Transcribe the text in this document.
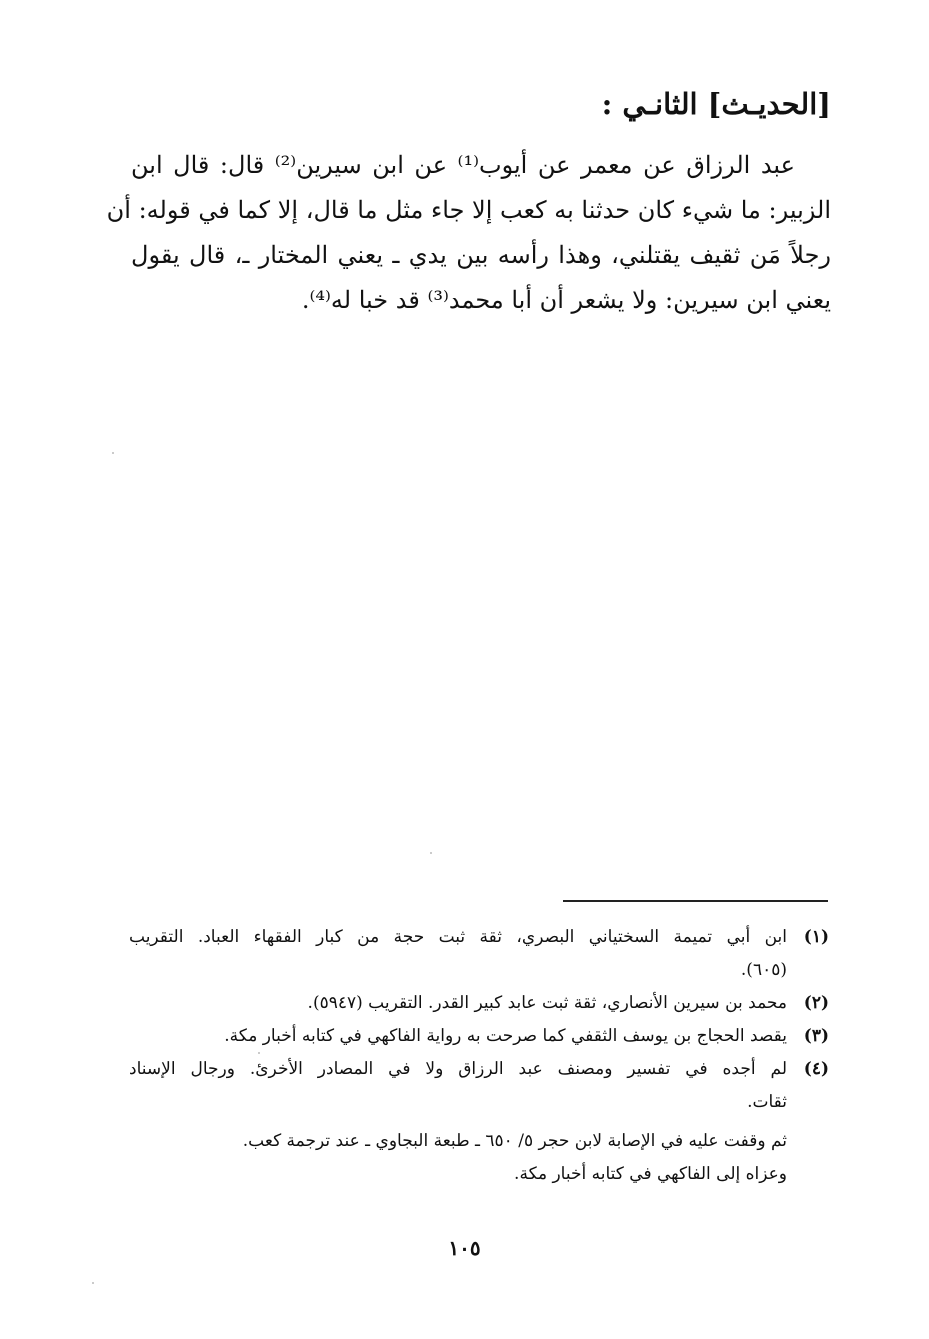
[الحديـث] الثانـي :
عبد الرزاق عن معمر عن أيوب⁽¹⁾ عن ابن سيرين⁽²⁾ قال: قال ابن
الزبير: ما شيء كان حدثنا به كعب إلا جاء مثل ما قال، إلا كما في قوله: أن
رجلاً مَن ثقيف يقتلني، وهذا رأسه بين يدي ـ يعني المختار ـ، قال يقول
يعني ابن سيرين: ولا يشعر أن أبا محمد⁽³⁾ قد خبا له⁽⁴⁾.
(١)ابن أبي تميمة السختياني البصري، ثقة ثبت حجة من كبار الفقهاء العباد. التقريب
(٦٠٥).
(٢)محمد بن سيرين الأنصاري، ثقة ثبت عابد كبير القدر. التقريب (٥٩٤٧).
(٣)يقصد الحجاج بن يوسف الثقفي كما صرحت به رواية الفاكهي في كتابه أخبار مكة.
(٤)لم أجده في تفسير ومصنف عبد الرزاق ولا في المصادر الأخرئ. ورجال الإسناد
ثقات.
ثم وقفت عليه في الإصابة لابن حجر ٥/ ٦٥٠ ـ طبعة البجاوي ـ عند ترجمة كعب.
وعزاه إلى الفاكهي في كتابه أخبار مكة.
١٠٥
